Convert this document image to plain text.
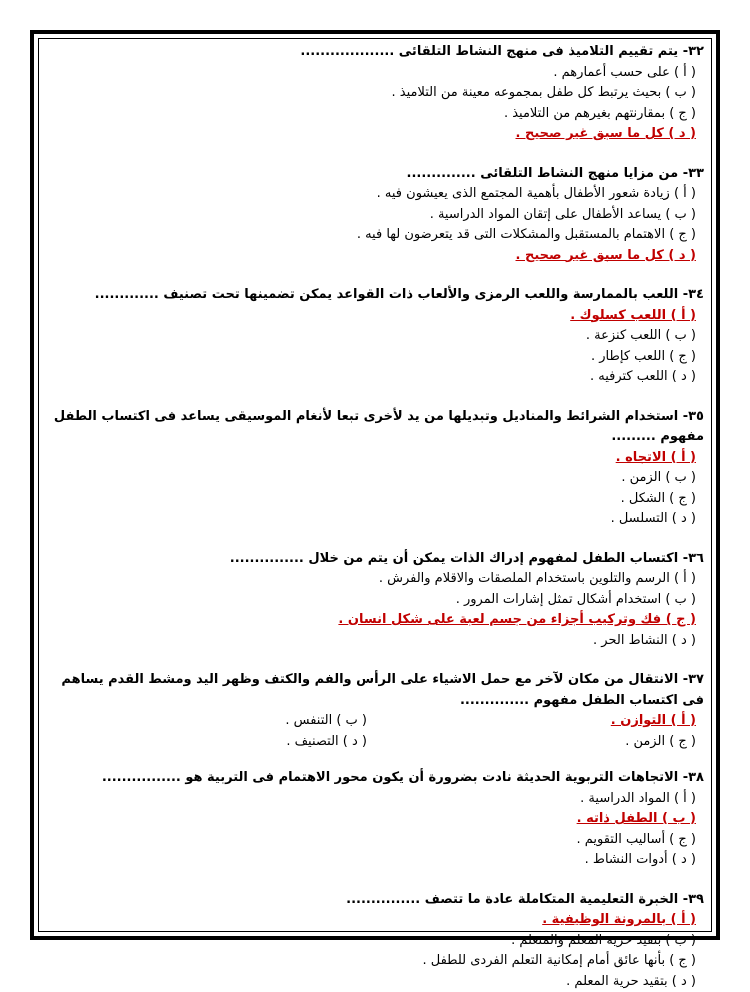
٣٢- يتم تقييم التلاميذ فى منهج النشاط التلقائى ...................
( أ ) على حسب أعمارهم .
( ب ) بحيث يرتبط كل طفل بمجموعه معينة من التلاميذ .
( ج ) بمقارنتهم بغيرهم من التلاميذ .
( د ) كل ما سبق غير صحيح .
٣٣- من مزايا منهج النشاط التلقائى ..............
( أ ) زيادة شعور الأطفال بأهمية المجتمع الذى يعيشون فيه .
( ب ) يساعد الأطفال على إتقان المواد الدراسية .
( ج ) الاهتمام بالمستقبل والمشكلات التى قد يتعرضون لها فيه .
( د ) كل ما سبق غير صحيح .
٣٤- اللعب بالممارسة واللعب الرمزى والألعاب ذات القواعد يمكن تضمينها تحت تصنيف .............
( أ ) اللعب كسلوك .
( ب ) اللعب كنزعة .
( ج ) اللعب كإطار .
( د ) اللعب كترفيه .
٣٥- استخدام الشرائط والمناديل وتبديلها من يد لأخرى تبعا لأنغام الموسيقى يساعد فى اكتساب الطفل مفهوم .........
( أ ) الاتجاه .
( ب ) الزمن .
( ج ) الشكل .
( د ) التسلسل .
٣٦- اكتساب الطفل لمفهوم إدراك الذات يمكن أن يتم من خلال ...............
( أ ) الرسم والتلوين باستخدام الملصقات والاقلام والفرش .
( ب ) استخدام أشكال تمثل إشارات المرور .
( ج ) فك وتركيب أجزاء من جسم لعبة على شكل انسان .
( د ) النشاط الحر .
٣٧- الانتقال من مكان لآخر مع حمل الاشياء على الرأس والفم والكتف وظهر اليد ومشط القدم يساهم فى اكتساب الطفل مفهوم ..............
( أ ) التوازن .
( ب ) التنفس .
( ج ) الزمن .
( د ) التصنيف .
٣٨- الاتجاهات التربوية الحديثة نادت بضرورة أن يكون محور الاهتمام فى التربية هو ................
( أ ) المواد الدراسية .
( ب ) الطفل ذاته .
( ج ) أساليب التقويم .
( د ) أدوات النشاط .
٣٩- الخبرة التعليمية المتكاملة عادة ما تتصف ...............
( أ ) بالمرونة الوظيفية .
( ب ) بتقيد حرية المعلم والمتعلم .
( ج ) بأنها عائق أمام إمكانية التعلم الفردى للطفل .
( د ) بتقيد حرية المعلم .
